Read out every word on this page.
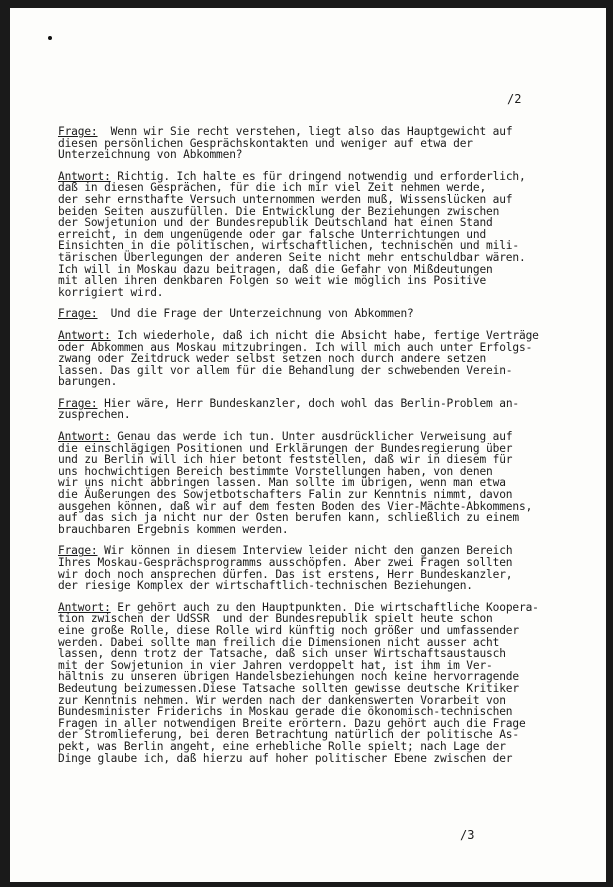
/2
Frage:  Wenn wir Sie recht verstehen, liegt also das Hauptgewicht auf
diesen persönlichen Gesprächskontakten und weniger auf etwa der
Unterzeichnung von Abkommen?
Antwort: Richtig. Ich halte es für dringend notwendig und erforderlich,
daß in diesen Gesprächen, für die ich mir viel Zeit nehmen werde,
der sehr ernsthafte Versuch unternommen werden muß, Wissenslücken auf
beiden Seiten auszufüllen. Die Entwicklung der Beziehungen zwischen
der Sowjetunion und der Bundesrepublik Deutschland hat einen Stand
erreicht, in dem ungenügende oder gar falsche Unterrichtungen und
Einsichten in die politischen, wirtschaftlichen, technischen und mili-
tärischen Überlegungen der anderen Seite nicht mehr entschuldbar wären.
Ich will in Moskau dazu beitragen, daß die Gefahr von Mißdeutungen
mit allen ihren denkbaren Folgen so weit wie möglich ins Positive
korrigiert wird.
Frage:  Und die Frage der Unterzeichnung von Abkommen?
Antwort: Ich wiederhole, daß ich nicht die Absicht habe, fertige Verträge
oder Abkommen aus Moskau mitzubringen. Ich will mich auch unter Erfolgs-
zwang oder Zeitdruck weder selbst setzen noch durch andere setzen
lassen. Das gilt vor allem für die Behandlung der schwebenden Verein-
barungen.
Frage: Hier wäre, Herr Bundeskanzler, doch wohl das Berlin-Problem an-
zusprechen.
Antwort: Genau das werde ich tun. Unter ausdrücklicher Verweisung auf
die einschlägigen Positionen und Erklärungen der Bundesregierung über
und zu Berlin will ich hier betont feststellen, daß wir in diesem für
uns hochwichtigen Bereich bestimmte Vorstellungen haben, von denen
wir uns nicht abbringen lassen. Man sollte im übrigen, wenn man etwa
die Äußerungen des Sowjetbotschafters Falin zur Kenntnis nimmt, davon
ausgehen können, daß wir auf dem festen Boden des Vier-Mächte-Abkommens,
auf das sich ja nicht nur der Osten berufen kann, schließlich zu einem
brauchbaren Ergebnis kommen werden.
Frage: Wir können in diesem Interview leider nicht den ganzen Bereich
Ihres Moskau-Gesprächsprogramms ausschöpfen. Aber zwei Fragen sollten
wir doch noch ansprechen dürfen. Das ist erstens, Herr Bundeskanzler,
der riesige Komplex der wirtschaftlich-technischen Beziehungen.
Antwort: Er gehört auch zu den Hauptpunkten. Die wirtschaftliche Koopera-
tion zwischen der UdSSR  und der Bundesrepublik spielt heute schon
eine große Rolle, diese Rolle wird künftig noch größer und umfassender
werden. Dabei sollte man freilich die Dimensionen nicht ausser acht
lassen, denn trotz der Tatsache, daß sich unser Wirtschaftsaustausch
mit der Sowjetunion in vier Jahren verdoppelt hat, ist ihm im Ver-
hältnis zu unseren übrigen Handelsbeziehungen noch keine hervorragende
Bedeutung beizumessen.Diese Tatsache sollten gewisse deutsche Kritiker
zur Kenntnis nehmen. Wir werden nach der dankenswerten Vorarbeit von
Bundesminister Friderichs in Moskau gerade die ökonomisch-technischen
Fragen in aller notwendigen Breite erörtern. Dazu gehört auch die Frage
der Stromlieferung, bei deren Betrachtung natürlich der politische As-
pekt, was Berlin angeht, eine erhebliche Rolle spielt; nach Lage der
Dinge glaube ich, daß hierzu auf hoher politischer Ebene zwischen der
/3
